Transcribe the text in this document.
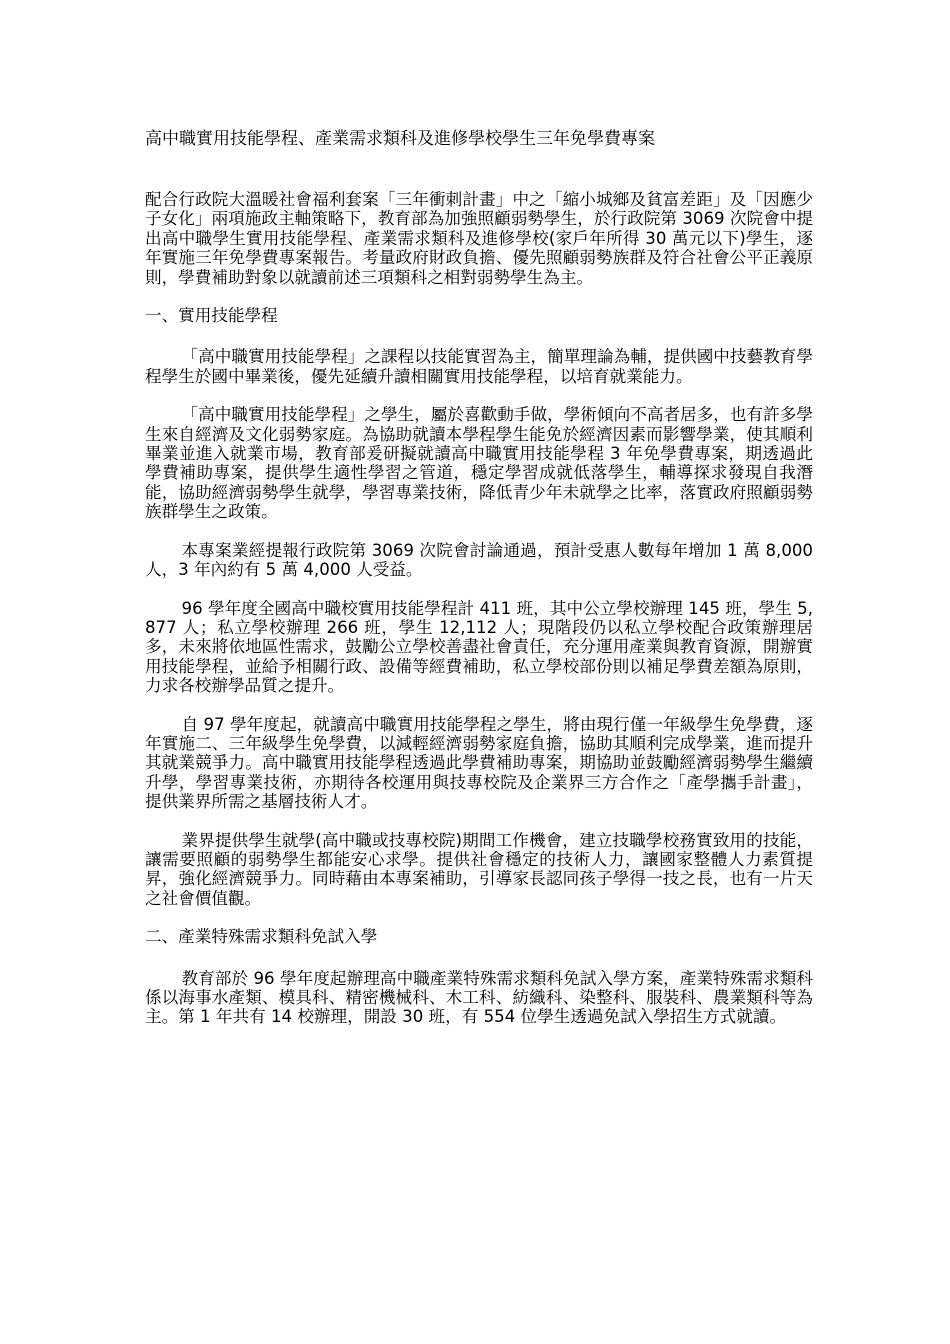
高中職實用技能學程、產業需求類科及進修學校學生三年免學費專案

配合行政院大溫暖社會福利套案「三年衝刺計畫」中之「縮小城鄉及貧富差距」及「因應少子女化」兩項施政主軸策略下，教育部為加強照顧弱勢學生，於行政院第 3069 次院會中提出高中職學生實用技能學程、產業需求類科及進修學校(家戶年所得 30 萬元以下)學生，逐年實施三年免學費專案報告。考量政府財政負擔、優先照顧弱勢族群及符合社會公平正義原則，學費補助對象以就讀前述三項類科之相對弱勢學生為主。

一、實用技能學程

「高中職實用技能學程」之課程以技能實習為主，簡單理論為輔，提供國中技藝教育學程學生於國中畢業後，優先延續升讀相關實用技能學程，以培育就業能力。

「高中職實用技能學程」之學生，屬於喜歡動手做，學術傾向不高者居多，也有許多學生來自經濟及文化弱勢家庭。為協助就讀本學程學生能免於經濟因素而影響學業，使其順利畢業並進入就業市場，教育部爰研擬就讀高中職實用技能學程 3 年免學費專案，期透過此學費補助專案，提供學生適性學習之管道，穩定學習成就低落學生，輔導探求發現自我潛能，協助經濟弱勢學生就學，學習專業技術，降低青少年未就學之比率，落實政府照顧弱勢族群學生之政策。

本專案業經提報行政院第 3069 次院會討論通過，預計受惠人數每年增加 1 萬 8,000 人，3 年內約有 5 萬 4,000 人受益。

96 學年度全國高中職校實用技能學程計 411 班，其中公立學校辦理 145 班，學生 5,877 人；私立學校辦理 266 班，學生 12,112 人；現階段仍以私立學校配合政策辦理居多，未來將依地區性需求，鼓勵公立學校善盡社會責任，充分運用產業與教育資源，開辦實用技能學程，並給予相關行政、設備等經費補助，私立學校部份則以補足學費差額為原則，力求各校辦學品質之提升。

自 97 學年度起，就讀高中職實用技能學程之學生，將由現行僅一年級學生免學費，逐年實施二、三年級學生免學費，以減輕經濟弱勢家庭負擔，協助其順利完成學業，進而提升其就業競爭力。高中職實用技能學程透過此學費補助專案，期協助並鼓勵經濟弱勢學生繼續升學，學習專業技術，亦期待各校運用與技專校院及企業界三方合作之「產學攜手計畫」，提供業界所需之基層技術人才。

業界提供學生就學(高中職或技專校院)期間工作機會，建立技職學校務實致用的技能，讓需要照顧的弱勢學生都能安心求學。提供社會穩定的技術人力，讓國家整體人力素質提昇，強化經濟競爭力。同時藉由本專案補助，引導家長認同孩子學得一技之長，也有一片天之社會價值觀。

二、產業特殊需求類科免試入學

教育部於 96 學年度起辦理高中職產業特殊需求類科免試入學方案，產業特殊需求類科係以海事水產類、模具科、精密機械科、木工科、紡織科、染整科、服裝科、農業類科等為主。第 1 年共有 14 校辦理，開設 30 班，有 554 位學生透過免試入學招生方式就讀。
